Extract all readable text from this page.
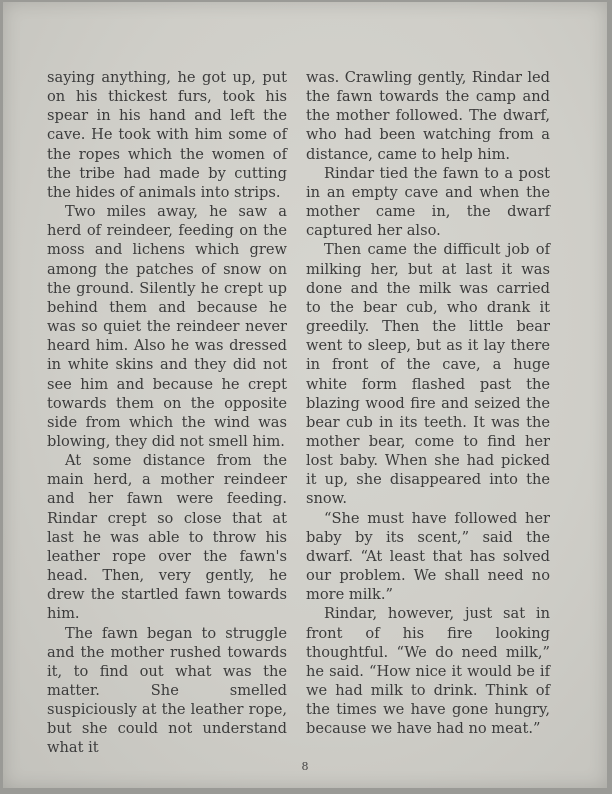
saying anything, he got up, put on his thickest furs, took his spear in his hand and left the cave. He took with him some of the ropes which the women of the tribe had made by cutting the hides of animals into strips.

Two miles away, he saw a herd of reindeer, feeding on the moss and lichens which grew among the patches of snow on the ground. Silently he crept up behind them and because he was so quiet the reindeer never heard him. Also he was dressed in white skins and they did not see him and because he crept towards them on the opposite side from which the wind was blowing, they did not smell him.

At some distance from the main herd, a mother reindeer and her fawn were feeding. Rindar crept so close that at last he was able to throw his leather rope over the fawn's head. Then, very gently, he drew the startled fawn towards him.

The fawn began to struggle and the mother rushed towards it, to find out what was the matter. She smelled suspiciously at the leather rope, but she could not understand what it

was. Crawling gently, Rindar led the fawn towards the camp and the mother followed. The dwarf, who had been watching from a distance, came to help him.

Rindar tied the fawn to a post in an empty cave and when the mother came in, the dwarf captured her also.

Then came the difficult job of milking her, but at last it was done and the milk was carried to the bear cub, who drank it greedily. Then the little bear went to sleep, but as it lay there in front of the cave, a huge white form flashed past the blazing wood fire and seized the bear cub in its teeth. It was the mother bear, come to find her lost baby. When she had picked it up, she disappeared into the snow.

“She must have followed her baby by its scent,” said the dwarf. “At least that has solved our problem. We shall need no more milk.”

Rindar, however, just sat in front of his fire looking thoughtful. “We do need milk,” he said. “How nice it would be if we had milk to drink. Think of the times we have gone hungry, because we have had no meat.”

8
